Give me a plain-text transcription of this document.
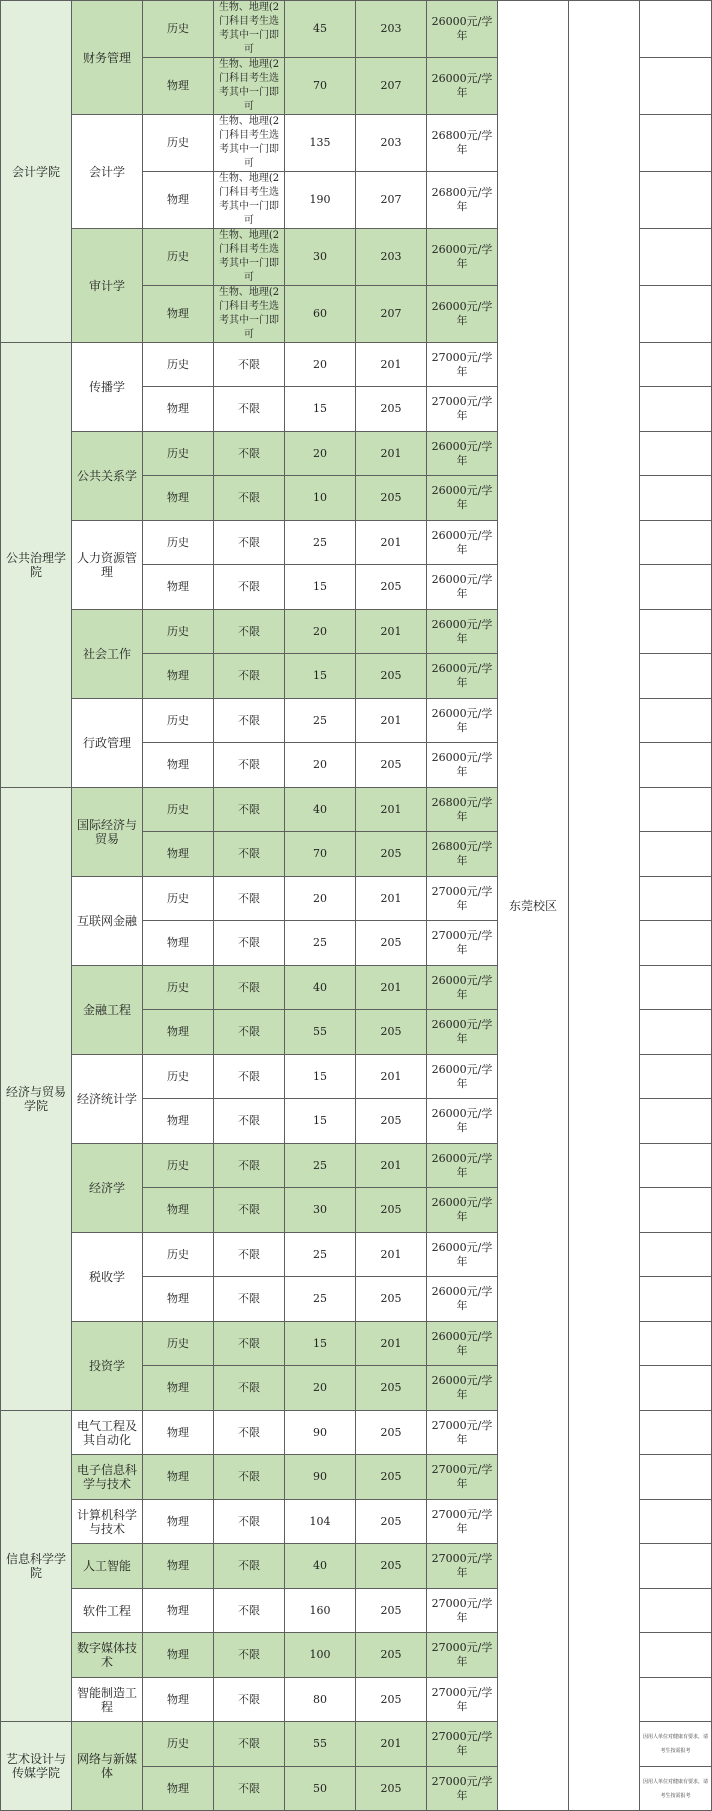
会计学院	财务管理	历史	生物、地理(2门科目考生选考其中一门即可	45	203	26000元/学年	东莞校区		
		物理	生物、地理(2门科目考生选考其中一门即可	70	207	26000元/学年			
	会计学	历史	生物、地理(2门科目考生选考其中一门即可	135	203	26800元/学年			
		物理	生物、地理(2门科目考生选考其中一门即可	190	207	26800元/学年			
	审计学	历史	生物、地理(2门科目考生选考其中一门即可	30	203	26000元/学年			
		物理	生物、地理(2门科目考生选考其中一门即可	60	207	26000元/学年			
公共治理学院	传播学	历史	不限	20	201	27000元/学年			
		物理	不限	15	205	27000元/学年			
	公共关系学	历史	不限	20	201	26000元/学年			
		物理	不限	10	205	26000元/学年			
	人力资源管理	历史	不限	25	201	26000元/学年			
		物理	不限	15	205	26000元/学年			
	社会工作	历史	不限	20	201	26000元/学年			
		物理	不限	15	205	26000元/学年			
	行政管理	历史	不限	25	201	26000元/学年			
		物理	不限	20	205	26000元/学年			
经济与贸易学院	国际经济与贸易	历史	不限	40	201	26800元/学年			
		物理	不限	70	205	26800元/学年			
	互联网金融	历史	不限	20	201	27000元/学年			
		物理	不限	25	205	27000元/学年			
	金融工程	历史	不限	40	201	26000元/学年			
		物理	不限	55	205	26000元/学年			
	经济统计学	历史	不限	15	201	26000元/学年			
		物理	不限	15	205	26000元/学年			
	经济学	历史	不限	25	201	26000元/学年			
		物理	不限	30	205	26000元/学年			
	税收学	历史	不限	25	201	26000元/学年			
		物理	不限	25	205	26000元/学年			
	投资学	历史	不限	15	201	26000元/学年			
		物理	不限	20	205	26000元/学年			
信息科学学院	电气工程及其自动化	物理	不限	90	205	27000元/学年			
	电子信息科学与技术	物理	不限	90	205	27000元/学年			
	计算机科学与技术	物理	不限	104	205	27000元/学年			
	人工智能	物理	不限	40	205	27000元/学年			
	软件工程	物理	不限	160	205	27000元/学年			
	数字媒体技术	物理	不限	100	205	27000元/学年			
	智能制造工程	物理	不限	80	205	27000元/学年			
艺术设计与传媒学院	网络与新媒体	历史	不限	55	201	27000元/学年			因用人单位对健康有要求，请考生按需报考
		物理	不限	50	205	27000元/学年			因用人单位对健康有要求，请考生按需报考
